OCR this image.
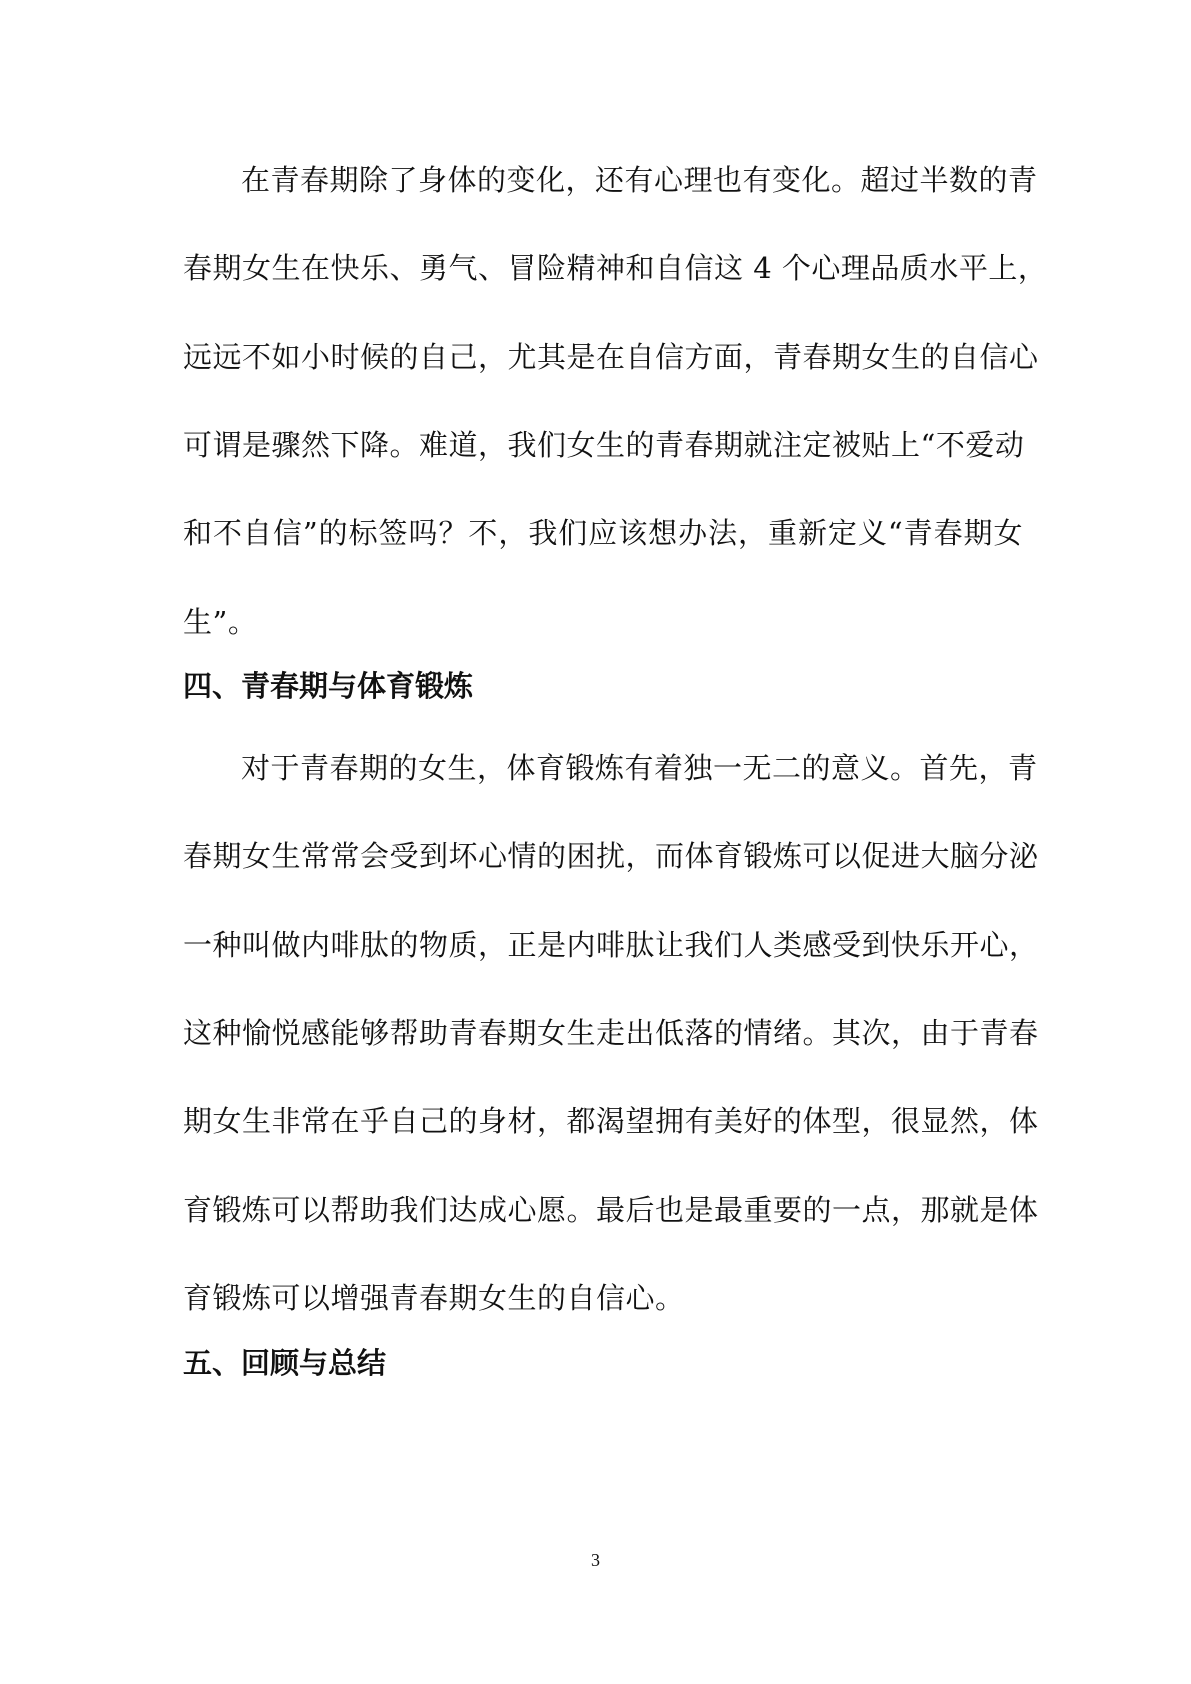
在青春期除了身体的变化，还有心理也有变化。超过半数的青
春期女生在快乐、勇气、冒险精神和自信这 4 个心理品质水平上，
远远不如小时候的自己，尤其是在自信方面，青春期女生的自信心
可谓是骤然下降。难道，我们女生的青春期就注定被贴上“不爱动
和不自信”的标签吗？不，我们应该想办法，重新定义“青春期女
生”。
四、青春期与体育锻炼
对于青春期的女生，体育锻炼有着独一无二的意义。首先，青
春期女生常常会受到坏心情的困扰，而体育锻炼可以促进大脑分泌
一种叫做内啡肽的物质，正是内啡肽让我们人类感受到快乐开心，
这种愉悦感能够帮助青春期女生走出低落的情绪。其次，由于青春
期女生非常在乎自己的身材，都渴望拥有美好的体型，很显然，体
育锻炼可以帮助我们达成心愿。最后也是最重要的一点，那就是体
育锻炼可以增强青春期女生的自信心。
五、回顾与总结
3
